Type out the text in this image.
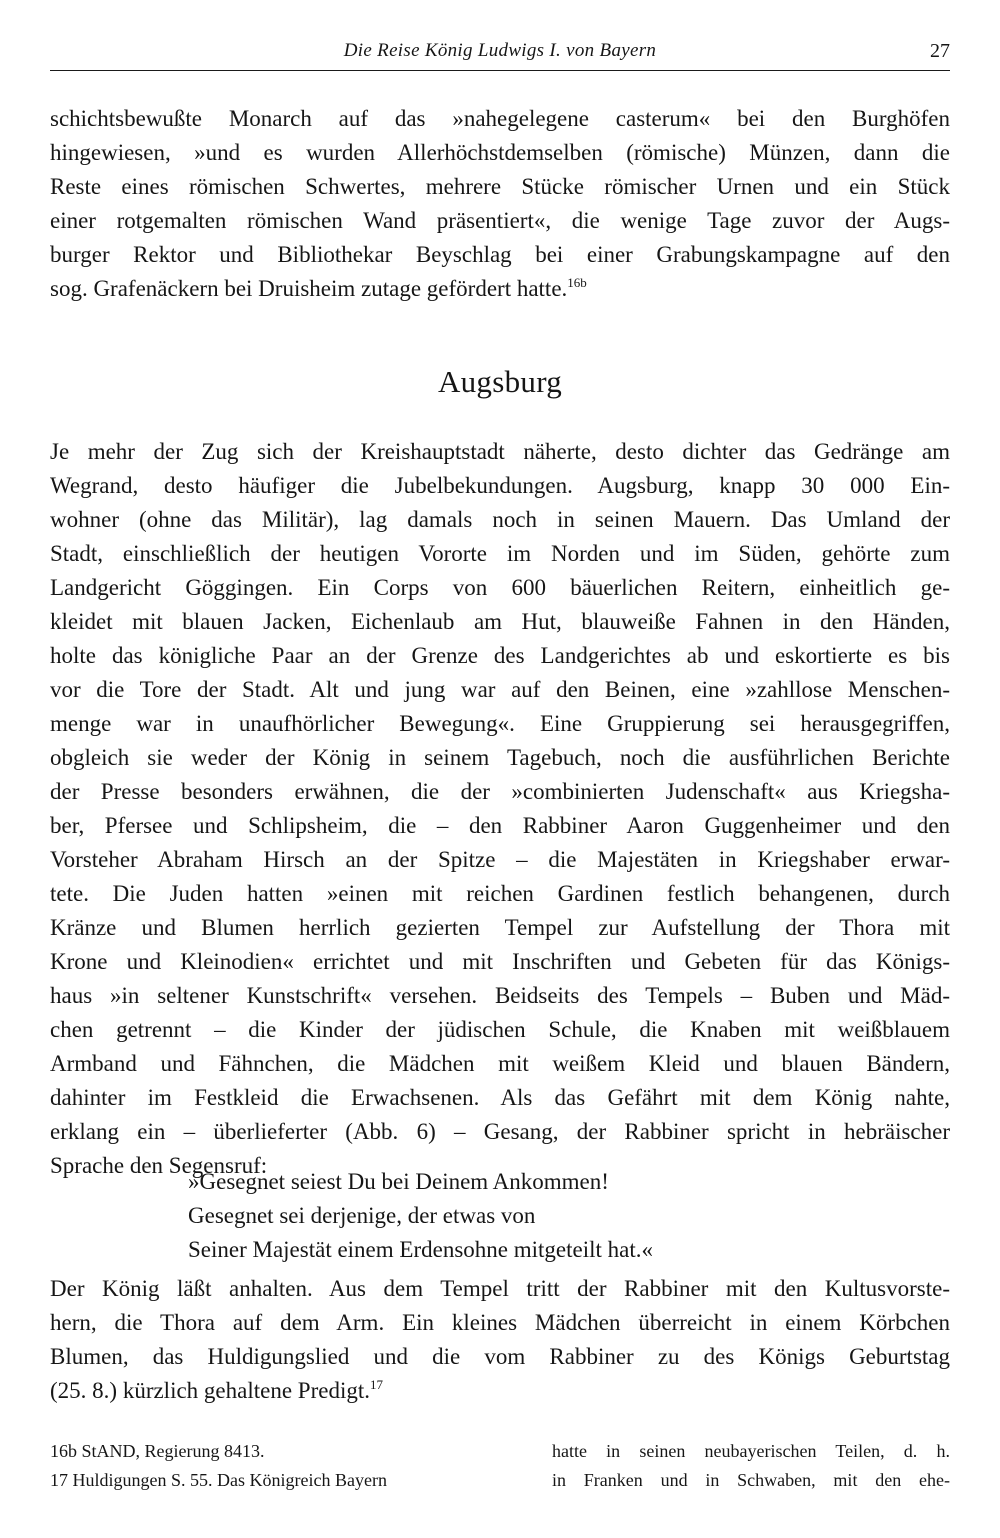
Die Reise König Ludwigs I. von Bayern	27
schichtsbewußte Monarch auf das »nahegelegene casterum« bei den Burghöfen
hingewiesen, »und es wurden Allerhöchstdemselben (römische) Münzen, dann die
Reste eines römischen Schwertes, mehrere Stücke römischer Urnen und ein Stück
einer rotgemalten römischen Wand präsentiert«, die wenige Tage zuvor der Augs-
burger Rektor und Bibliothekar Beyschlag bei einer Grabungskampagne auf den
sog. Grafenäckern bei Druisheim zutage gefördert hatte.$^{16b}$
Augsburg
Je mehr der Zug sich der Kreishauptstadt näherte, desto dichter das Gedränge am
Wegrand, desto häufiger die Jubelbekundungen. Augsburg, knapp 30 000 Ein-
wohner (ohne das Militär), lag damals noch in seinen Mauern. Das Umland der
Stadt, einschließlich der heutigen Vororte im Norden und im Süden, gehörte zum
Landgericht Göggingen. Ein Corps von 600 bäuerlichen Reitern, einheitlich ge-
kleidet mit blauen Jacken, Eichenlaub am Hut, blauweiße Fahnen in den Händen,
holte das königliche Paar an der Grenze des Landgerichtes ab und eskortierte es bis
vor die Tore der Stadt. Alt und jung war auf den Beinen, eine »zahllose Menschen-
menge war in unaufhörlicher Bewegung«. Eine Gruppierung sei herausgegriffen,
obgleich sie weder der König in seinem Tagebuch, noch die ausführlichen Berichte
der Presse besonders erwähnen, die der »combinierten Judenschaft« aus Kriegsha-
ber, Pfersee und Schlipsheim, die – den Rabbiner Aaron Guggenheimer und den
Vorsteher Abraham Hirsch an der Spitze – die Majestäten in Kriegshaber erwar-
tete. Die Juden hatten »einen mit reichen Gardinen festlich behangenen, durch
Kränze und Blumen herrlich gezierten Tempel zur Aufstellung der Thora mit
Krone und Kleinodien« errichtet und mit Inschriften und Gebeten für das Königs-
haus »in seltener Kunstschrift« versehen. Beidseits des Tempels – Buben und Mäd-
chen getrennt – die Kinder der jüdischen Schule, die Knaben mit weißblauem
Armband und Fähnchen, die Mädchen mit weißem Kleid und blauen Bändern,
dahinter im Festkleid die Erwachsenen. Als das Gefährt mit dem König nahte,
erklang ein – überlieferter (Abb. 6) – Gesang, der Rabbiner spricht in hebräischer
Sprache den Segensruf:
»Gesegnet seiest Du bei Deinem Ankommen!
Gesegnet sei derjenige, der etwas von
Seiner Majestät einem Erdensohne mitgeteilt hat.«
Der König läßt anhalten. Aus dem Tempel tritt der Rabbiner mit den Kultusvorste-
hern, die Thora auf dem Arm. Ein kleines Mädchen überreicht in einem Körbchen
Blumen, das Huldigungslied und die vom Rabbiner zu des Königs Geburtstag
(25. 8.) kürzlich gehaltene Predigt.$^{17}$
16b StAND, Regierung 8413.
17 Huldigungen S. 55. Das Königreich Bayern
hatte in seinen neubayerischen Teilen, d. h.
in Franken und in Schwaben, mit den ehe-
